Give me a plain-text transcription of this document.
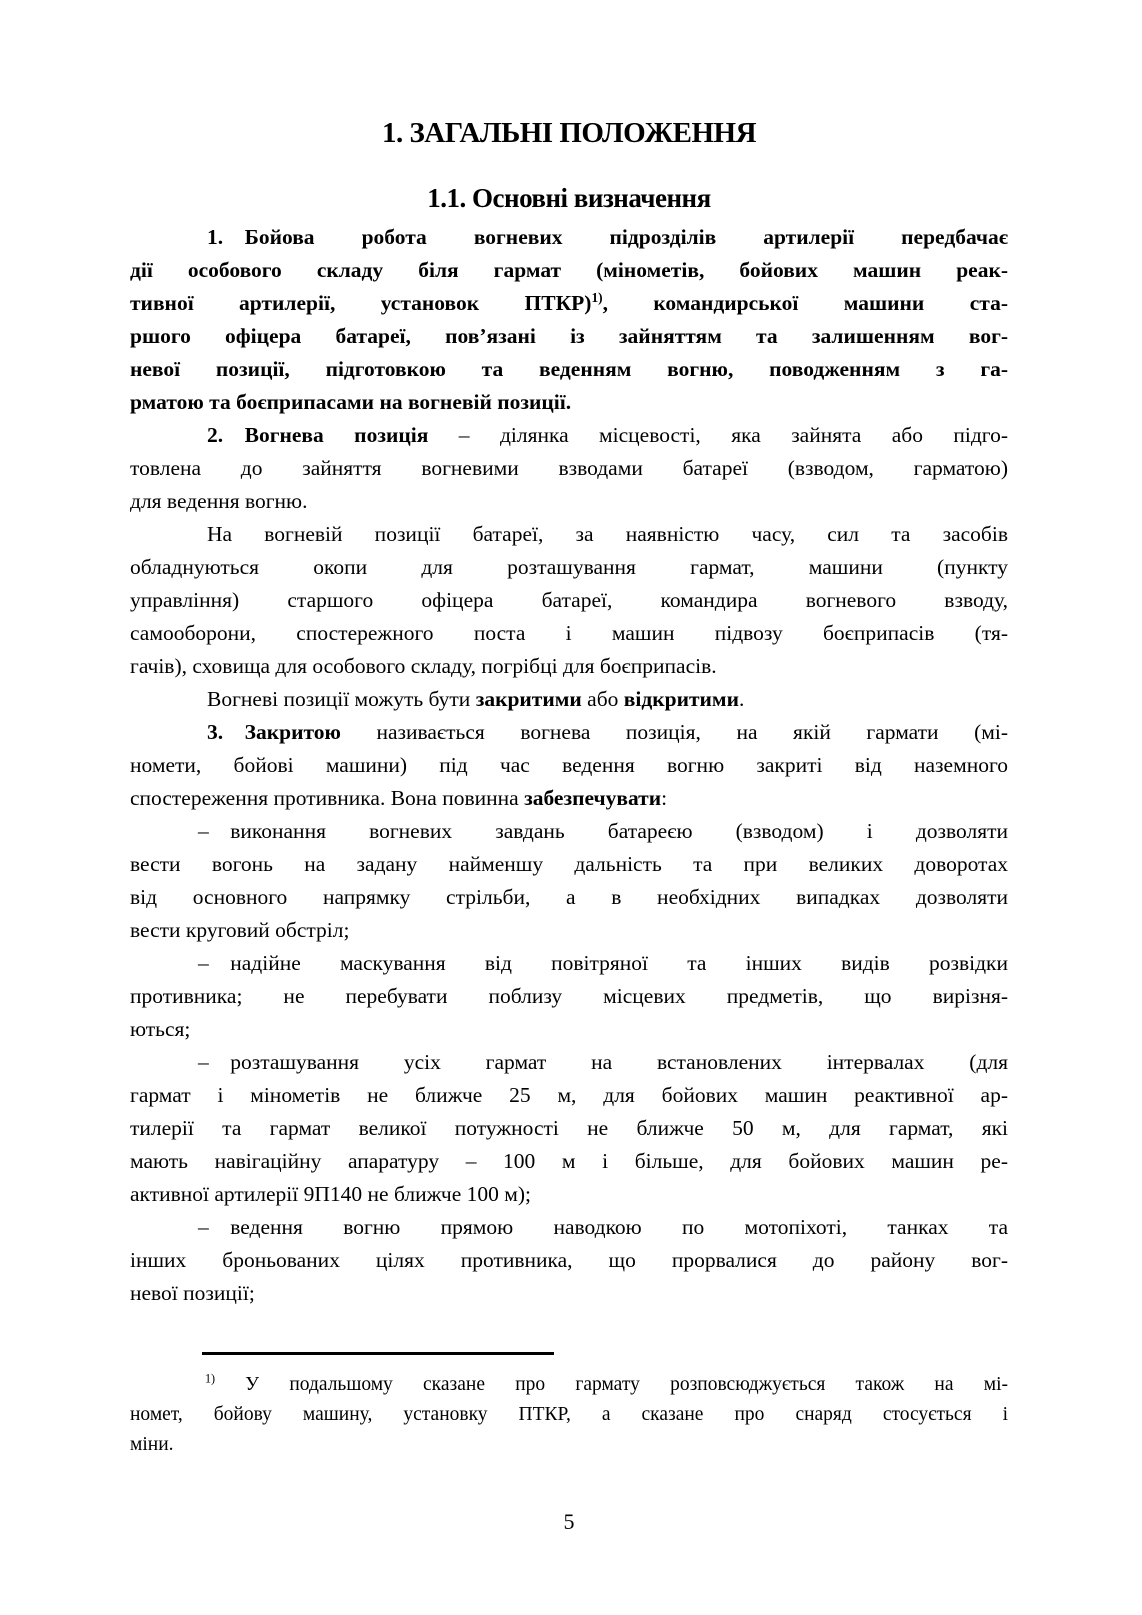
1. ЗАГАЛЬНІ ПОЛОЖЕННЯ
1.1. Основні визначення
1. Бойова робота вогневих підрозділів артилерії передбачає
дії особового складу біля гармат (мінометів, бойових машин реак-
тивної артилерії, установок ПТКР)$^{1)}$, командирської машини ста-
ршого офіцера батареї, пов’язані із зайняттям та залишенням вог-
невої позиції, підготовкою та веденням вогню, поводженням з га-
рматою та боєприпасами на вогневій позиції.
2. Вогнева позиція – ділянка місцевості, яка зайнята або підго-
товлена до зайняття вогневими взводами батареї (взводом, гарматою)
для ведення вогню.
На вогневій позиції батареї, за наявністю часу, сил та засобів
обладнуються окопи для розташування гармат, машини (пункту
управління) старшого офіцера батареї, командира вогневого взводу,
самооборони, спостережного поста і машин підвозу боєприпасів (тя-
гачів), сховища для особового складу, погрібці для боєприпасів.
Вогневі позиції можуть бути закритими або відкритими.
3. Закритою називається вогнева позиція, на якій гармати (мі-
номети, бойові машини) під час ведення вогню закриті від наземного
спостереження противника. Вона повинна забезпечувати:
– виконання вогневих завдань батареєю (взводом) і дозволяти
вести вогонь на задану найменшу дальність та при великих доворотах
від основного напрямку стрільби, а в необхідних випадках дозволяти
вести круговий обстріл;
– надійне маскування від повітряної та інших видів розвідки
противника; не перебувати поблизу місцевих предметів, що вирізня-
ються;
– розташування усіх гармат на встановлених інтервалах (для
гармат і мінометів не ближче 25 м, для бойових машин реактивної ар-
тилерії та гармат великої потужності не ближче 50 м, для гармат, які
мають навігаційну апаратуру – 100 м і більше, для бойових машин ре-
активної артилерії 9П140 не ближче 100 м);
– ведення вогню прямою наводкою по мотопіхоті, танках та
інших броньованих цілях противника, що прорвалися до району вог-
невої позиції;
$^{1)}$ У подальшому сказане про гармату розповсюджується також на мі-
номет, бойову машину, установку ПТКР, а сказане про снаряд стосується і
міни.
5
